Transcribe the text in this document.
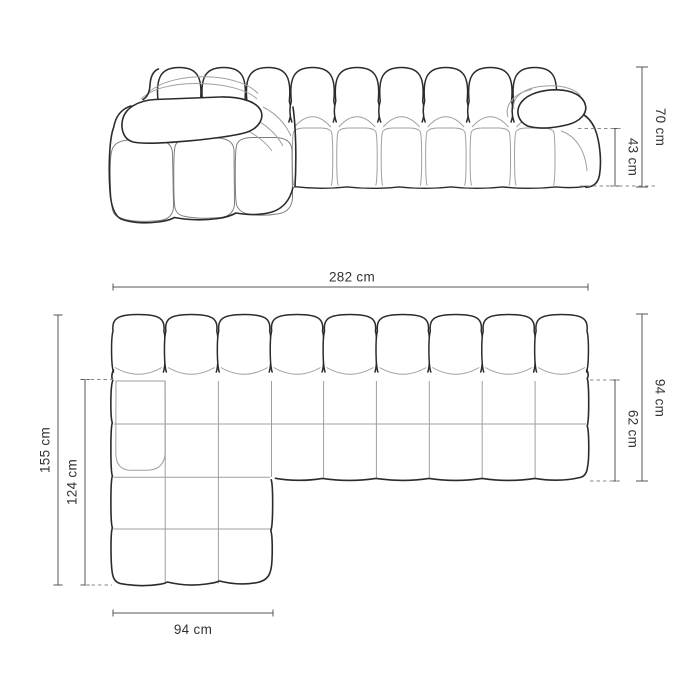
70 cm
43 cm
282 cm
155 cm
124 cm
94 cm
62 cm
94 cm
